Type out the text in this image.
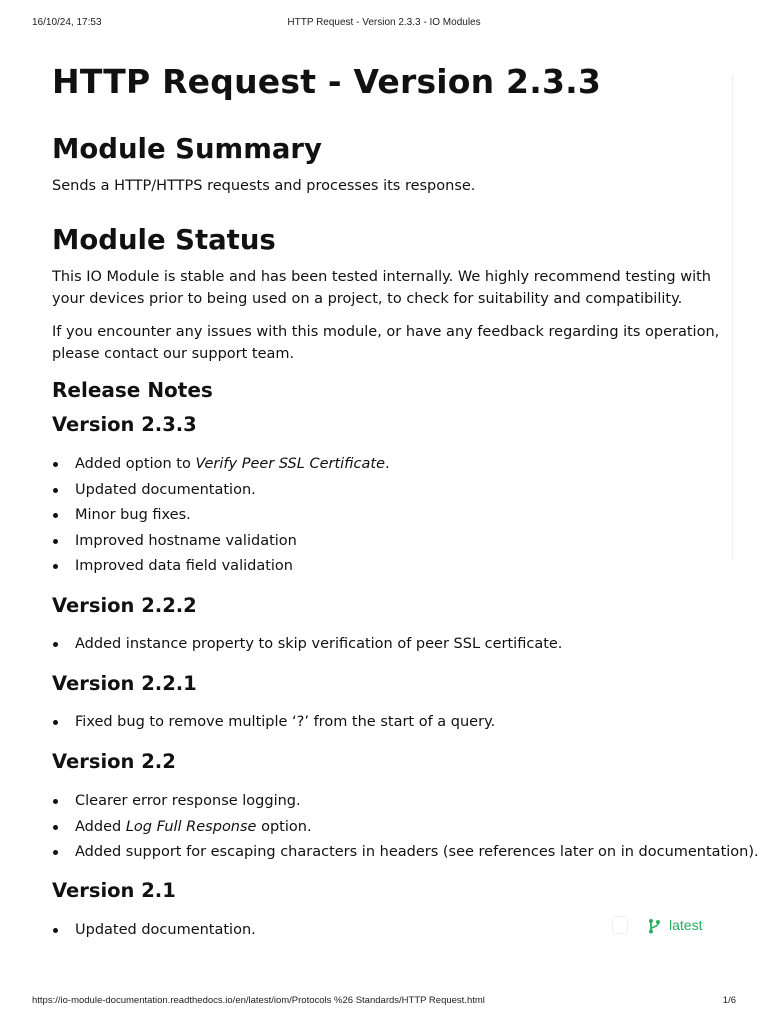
16/10/24, 17:53	HTTP Request - Version 2.3.3 - IO Modules
HTTP Request - Version 2.3.3
Module Summary

Sends a HTTP/HTTPS requests and processes its response.

Module Status

This IO Module is stable and has been tested internally. We highly recommend testing with your devices prior to being used on a project, to check for suitability and compatibility.

If you encounter any issues with this module, or have any feedback regarding its operation, please contact our support team.

Release Notes
Version 2.3.3
Added option to Verify Peer SSL Certificate.
Updated documentation.
Minor bug fixes.
Improved hostname validation
Improved data field validation
Version 2.2.2
Added instance property to skip verification of peer SSL certificate.
Version 2.2.1
Fixed bug to remove multiple ‘?’ from the start of a query.
Version 2.2
Clearer error response logging.
Added Log Full Response option.
Added support for escaping characters in headers (see references later on in documentation).
Version 2.1
Updated documentation.	latest
https://io-module-documentation.readthedocs.io/en/latest/iom/Protocols %26 Standards/HTTP Request.html	1/6
